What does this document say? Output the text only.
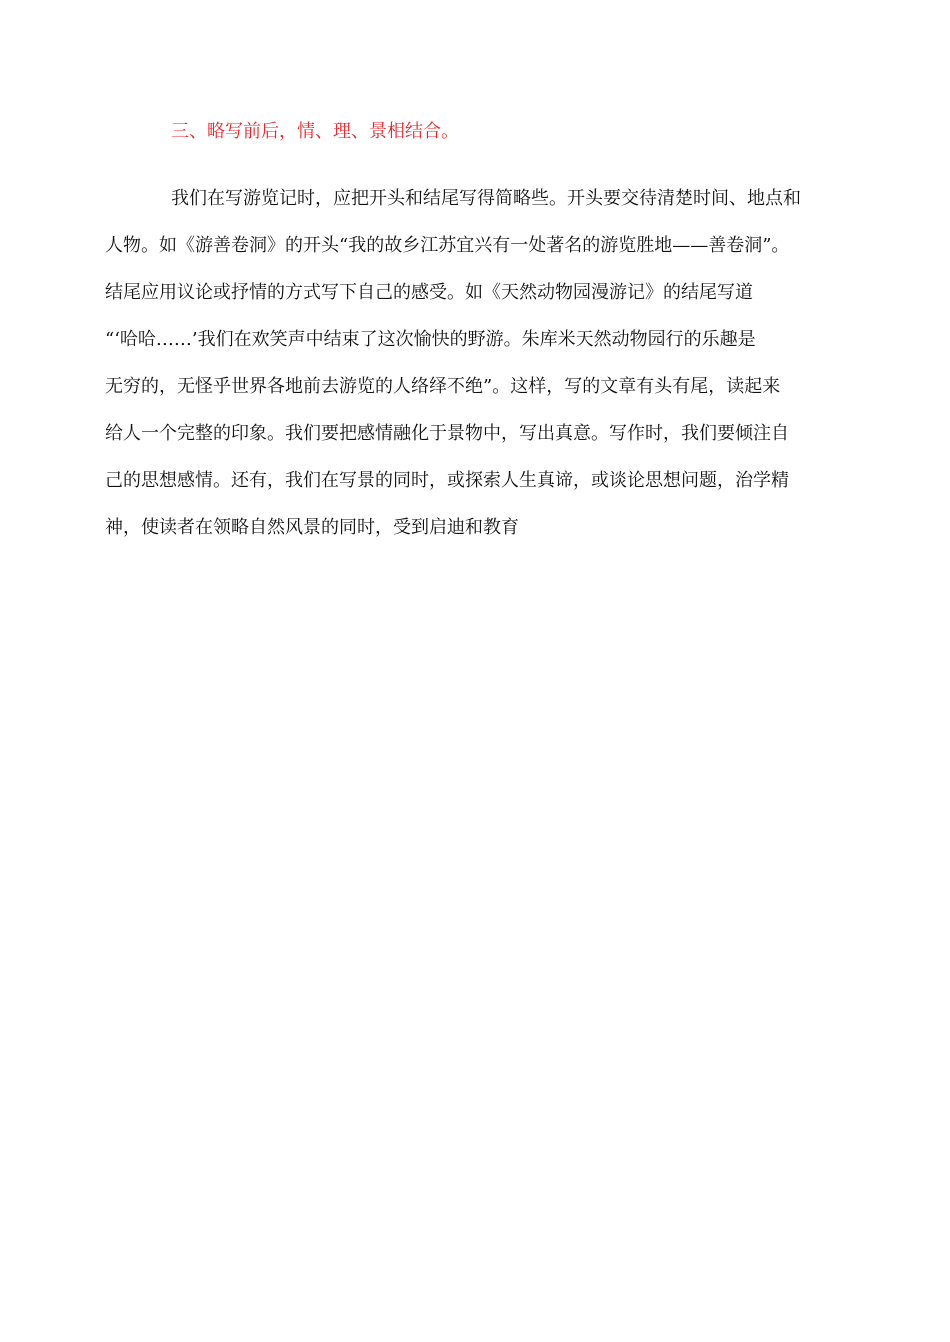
三、略写前后，情、理、景相结合。
我们在写游览记时，应把开头和结尾写得简略些。开头要交待清楚时间、地点和
人物。如《游善卷洞》的开头“我的故乡江苏宜兴有一处著名的游览胜地——善卷洞”。
结尾应用议论或抒情的方式写下自己的感受。如《天然动物园漫游记》的结尾写道
“‘哈哈……’我们在欢笑声中结束了这次愉快的野游。朱库米天然动物园行的乐趣是
无穷的，无怪乎世界各地前去游览的人络绎不绝”。这样，写的文章有头有尾，读起来
给人一个完整的印象。我们要把感情融化于景物中，写出真意。写作时，我们要倾注自
己的思想感情。还有，我们在写景的同时，或探索人生真谛，或谈论思想问题，治学精
神，使读者在领略自然风景的同时，受到启迪和教育
